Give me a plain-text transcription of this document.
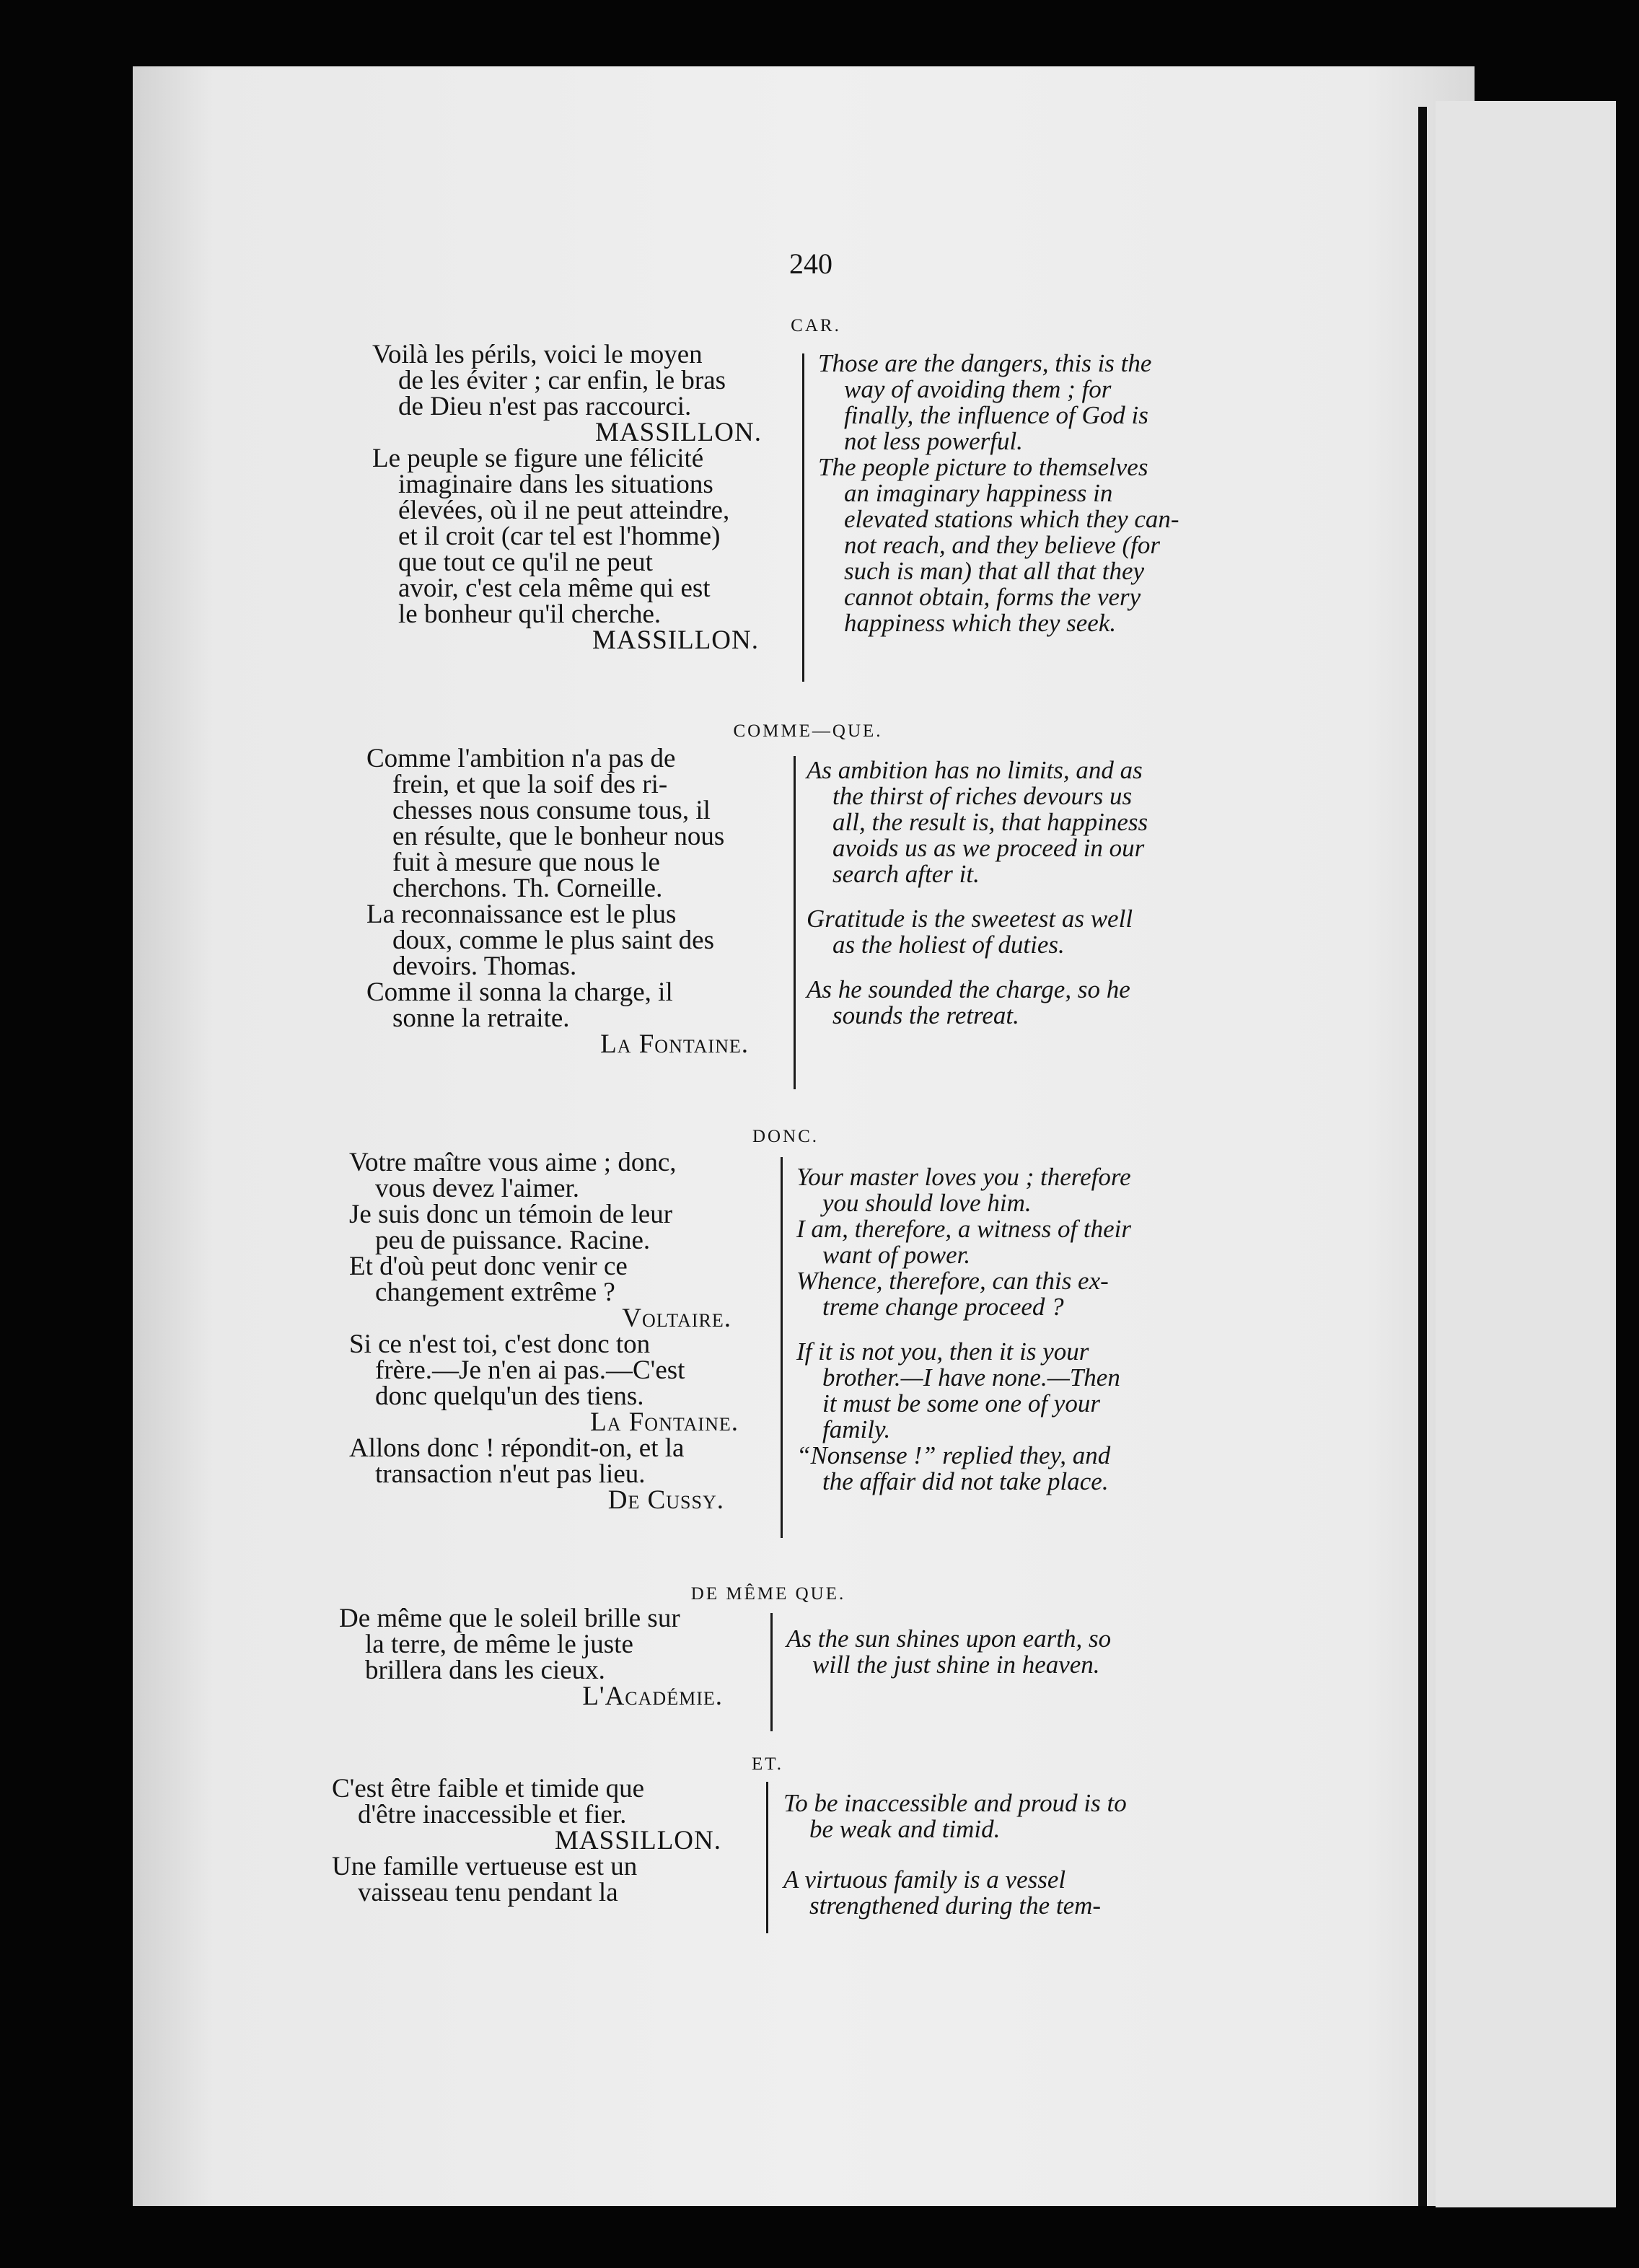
240
CAR.
Voilà les périls, voici le moyen
de les éviter ; car enfin, le bras
de Dieu n'est pas raccourci.
MASSILLON.
Le peuple se figure une félicité
imaginaire dans les situations
élevées, où il ne peut atteindre,
et il croit (car tel est l'homme)
que tout ce qu'il ne peut
avoir, c'est cela même qui est
le bonheur qu'il cherche.
MASSILLON.
Those are the dangers, this is the
way of avoiding them ; for
finally, the influence of God is
not less powerful.
The people picture to themselves
an imaginary happiness in
elevated stations which they can-
not reach, and they believe (for
such is man) that all that they
cannot obtain, forms the very
happiness which they seek.
COMME—QUE.
Comme l'ambition n'a pas de
frein, et que la soif des ri-
chesses nous consume tous, il
en résulte, que le bonheur nous
fuit à mesure que nous le
cherchons. Th. Corneille.
La reconnaissance est le plus
doux, comme le plus saint des
devoirs. Thomas.
Comme il sonna la charge, il
sonne la retraite.
La Fontaine.
As ambition has no limits, and as
the thirst of riches devours us
all, the result is, that happiness
avoids us as we proceed in our
search after it.
Gratitude is the sweetest as well
as the holiest of duties.
As he sounded the charge, so he
sounds the retreat.
DONC.
Votre maître vous aime ; donc,
vous devez l'aimer.
Je suis donc un témoin de leur
peu de puissance. Racine.
Et d'où peut donc venir ce
changement extrême ?
Voltaire.
Si ce n'est toi, c'est donc ton
frère.—Je n'en ai pas.—C'est
donc quelqu'un des tiens.
La Fontaine.
Allons donc ! répondit-on, et la
transaction n'eut pas lieu.
De Cussy.
Your master loves you ; therefore
you should love him.
I am, therefore, a witness of their
want of power.
Whence, therefore, can this ex-
treme change proceed ?
If it is not you, then it is your
brother.—I have none.—Then
it must be some one of your
family.
“Nonsense !” replied they, and
the affair did not take place.
DE MÊME QUE.
De même que le soleil brille sur
la terre, de même le juste
brillera dans les cieux.
L'Académie.
As the sun shines upon earth, so
will the just shine in heaven.
ET.
C'est être faible et timide que
d'être inaccessible et fier.
MASSILLON.
Une famille vertueuse est un
vaisseau tenu pendant la
To be inaccessible and proud is to
be weak and timid.
A virtuous family is a vessel
strengthened during the tem-
